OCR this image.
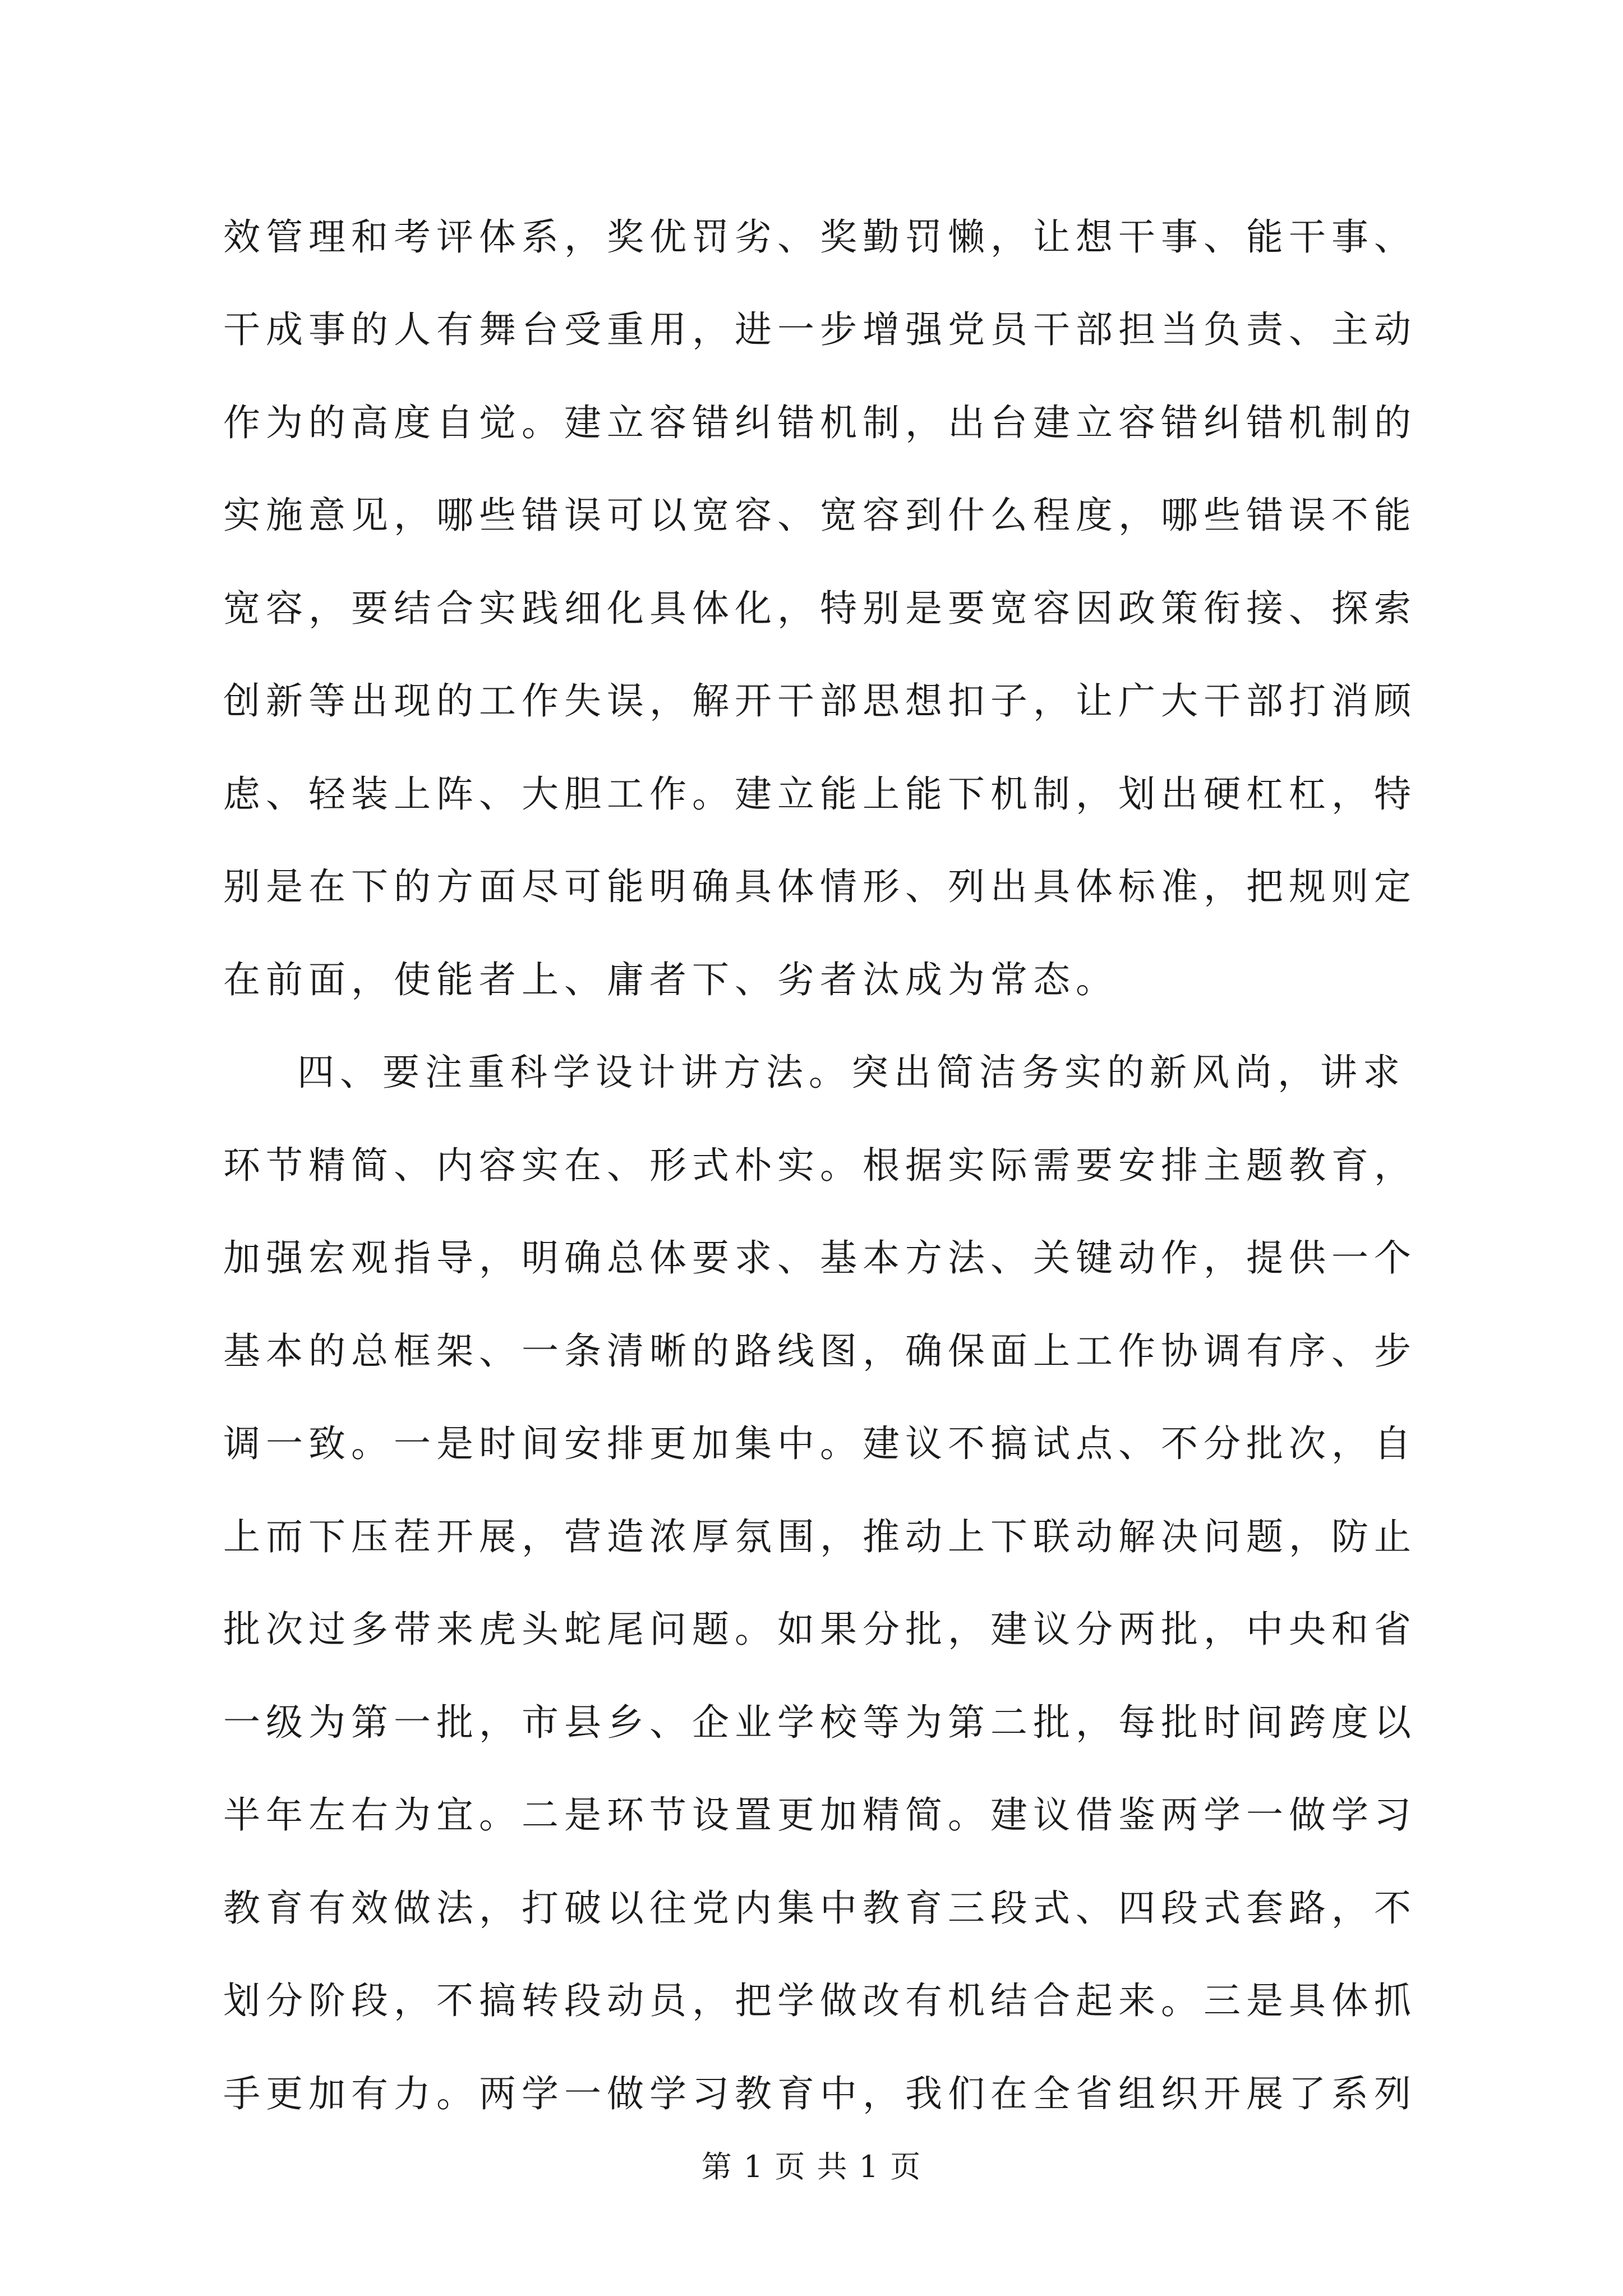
效管理和考评体系，奖优罚劣、奖勤罚懒，让想干事、能干事、
干成事的人有舞台受重用，进一步增强党员干部担当负责、主动
作为的高度自觉。建立容错纠错机制，出台建立容错纠错机制的
实施意见，哪些错误可以宽容、宽容到什么程度，哪些错误不能
宽容，要结合实践细化具体化，特别是要宽容因政策衔接、探索
创新等出现的工作失误，解开干部思想扣子，让广大干部打消顾
虑、轻装上阵、大胆工作。建立能上能下机制，划出硬杠杠，特
别是在下的方面尽可能明确具体情形、列出具体标准，把规则定
在前面，使能者上、庸者下、劣者汰成为常态。
四、要注重科学设计讲方法。突出简洁务实的新风尚，讲求
环节精简、内容实在、形式朴实。根据实际需要安排主题教育，
加强宏观指导，明确总体要求、基本方法、关键动作，提供一个
基本的总框架、一条清晰的路线图，确保面上工作协调有序、步
调一致。一是时间安排更加集中。建议不搞试点、不分批次，自
上而下压茬开展，营造浓厚氛围，推动上下联动解决问题，防止
批次过多带来虎头蛇尾问题。如果分批，建议分两批，中央和省
一级为第一批，市县乡、企业学校等为第二批，每批时间跨度以
半年左右为宜。二是环节设置更加精简。建议借鉴两学一做学习
教育有效做法，打破以往党内集中教育三段式、四段式套路，不
划分阶段，不搞转段动员，把学做改有机结合起来。三是具体抓
手更加有力。两学一做学习教育中，我们在全省组织开展了系列
第 1 页 共 1 页
